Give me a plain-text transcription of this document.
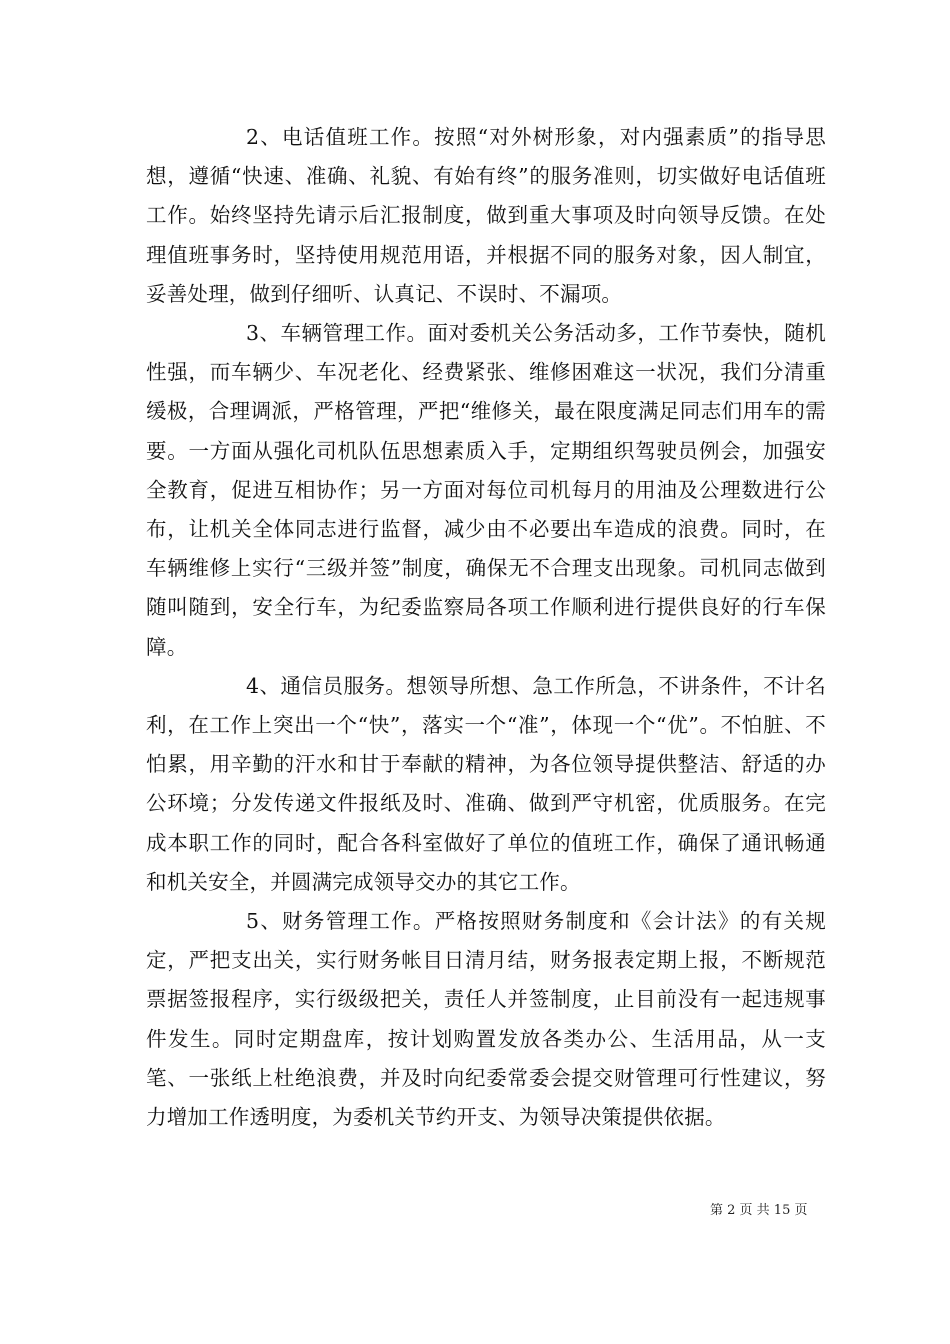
2、电话值班工作。按照“对外树形象，对内强素质”的指导思想，遵循“快速、准确、礼貌、有始有终”的服务准则，切实做好电话值班工作。始终坚持先请示后汇报制度，做到重大事项及时向领导反馈。在处理值班事务时，坚持使用规范用语，并根据不同的服务对象，因人制宜，妥善处理，做到仔细听、认真记、不误时、不漏项。

3、车辆管理工作。面对委机关公务活动多，工作节奏快，随机性强，而车辆少、车况老化、经费紧张、维修困难这一状况，我们分清重缓极，合理调派，严格管理，严把“维修关，最在限度满足同志们用车的需要。一方面从强化司机队伍思想素质入手，定期组织驾驶员例会，加强安全教育，促进互相协作；另一方面对每位司机每月的用油及公理数进行公布，让机关全体同志进行监督，减少由不必要出车造成的浪费。同时，在车辆维修上实行“三级并签”制度，确保无不合理支出现象。司机同志做到随叫随到，安全行车，为纪委监察局各项工作顺利进行提供良好的行车保障。

4、通信员服务。想领导所想、急工作所急，不讲条件，不计名利，在工作上突出一个“快”，落实一个“准”，体现一个“优”。不怕脏、不怕累，用辛勤的汗水和甘于奉献的精神，为各位领导提供整洁、舒适的办公环境；分发传递文件报纸及时、准确、做到严守机密，优质服务。在完成本职工作的同时，配合各科室做好了单位的值班工作，确保了通讯畅通和机关安全，并圆满完成领导交办的其它工作。

5、财务管理工作。严格按照财务制度和《会计法》的有关规定，严把支出关，实行财务帐目日清月结，财务报表定期上报，不断规范票据签报程序，实行级级把关，责任人并签制度，止目前没有一起违规事件发生。同时定期盘库，按计划购置发放各类办公、生活用品，从一支笔、一张纸上杜绝浪费，并及时向纪委常委会提交财管理可行性建议，努力增加工作透明度，为委机关节约开支、为领导决策提供依据。

第 2 页 共 15 页
